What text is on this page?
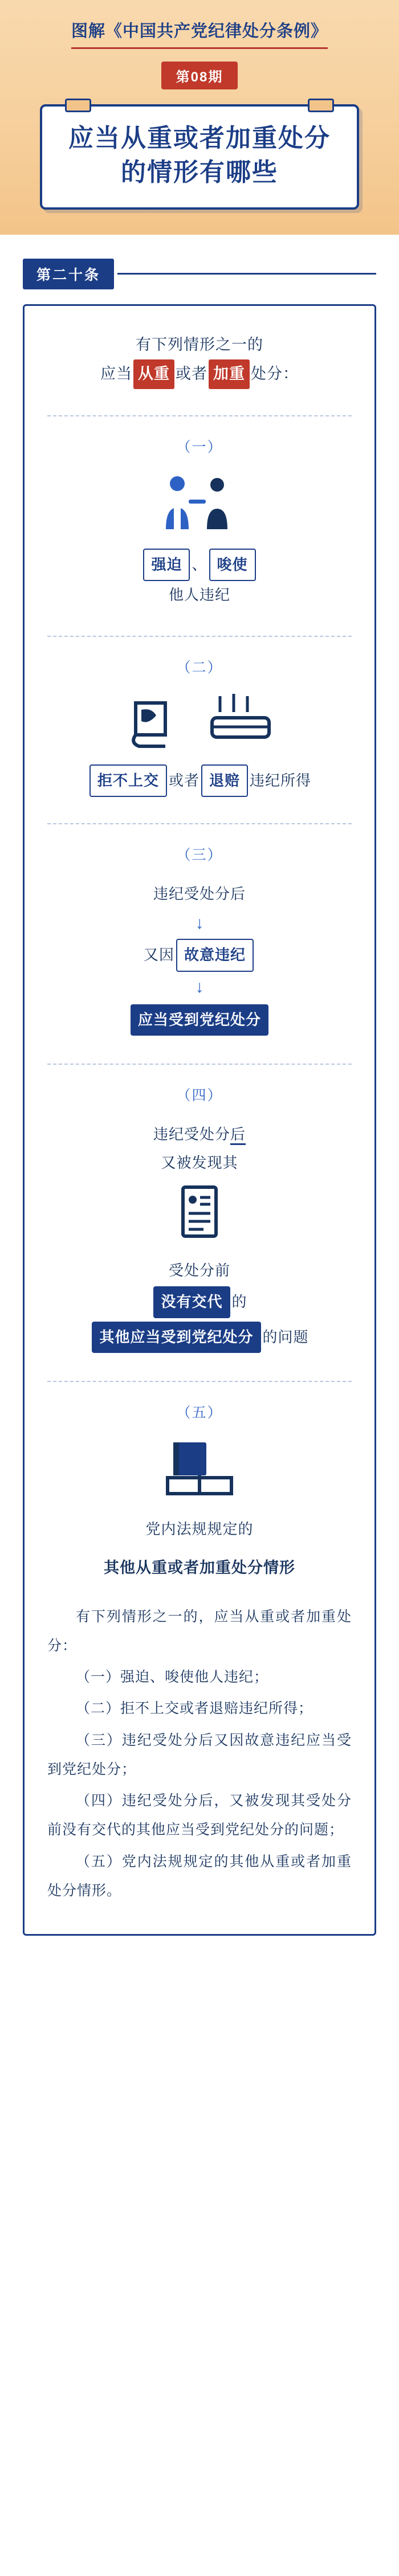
图解《中国共产党纪律处分条例》
第08期
应当从重或者加重处分
的情形有哪些
第二十条
有下列情形之一的
应当 从重 或者 加重 处分：
（一）
强迫 、 唆使
他人违纪
（二）
拒不上交 或者 退赔 违纪所得
（三）
违纪受处分后
↓
又因 故意违纪
↓
应当受到党纪处分
（四）
违纪受处分后
又被发现其
受处分前
没有交代 的
其他应当受到党纪处分 的问题
（五）
党内法规规定的
其他从重或者加重处分情形

有下列情形之一的，应当从重或者加重处分：

（一）强迫、唆使他人违纪；

（二）拒不上交或者退赔违纪所得；

（三）违纪受处分后又因故意违纪应当受到党纪处分；

（四）违纪受处分后，又被发现其受处分前没有交代的其他应当受到党纪处分的问题；

（五）党内法规规定的其他从重或者加重处分情形。
